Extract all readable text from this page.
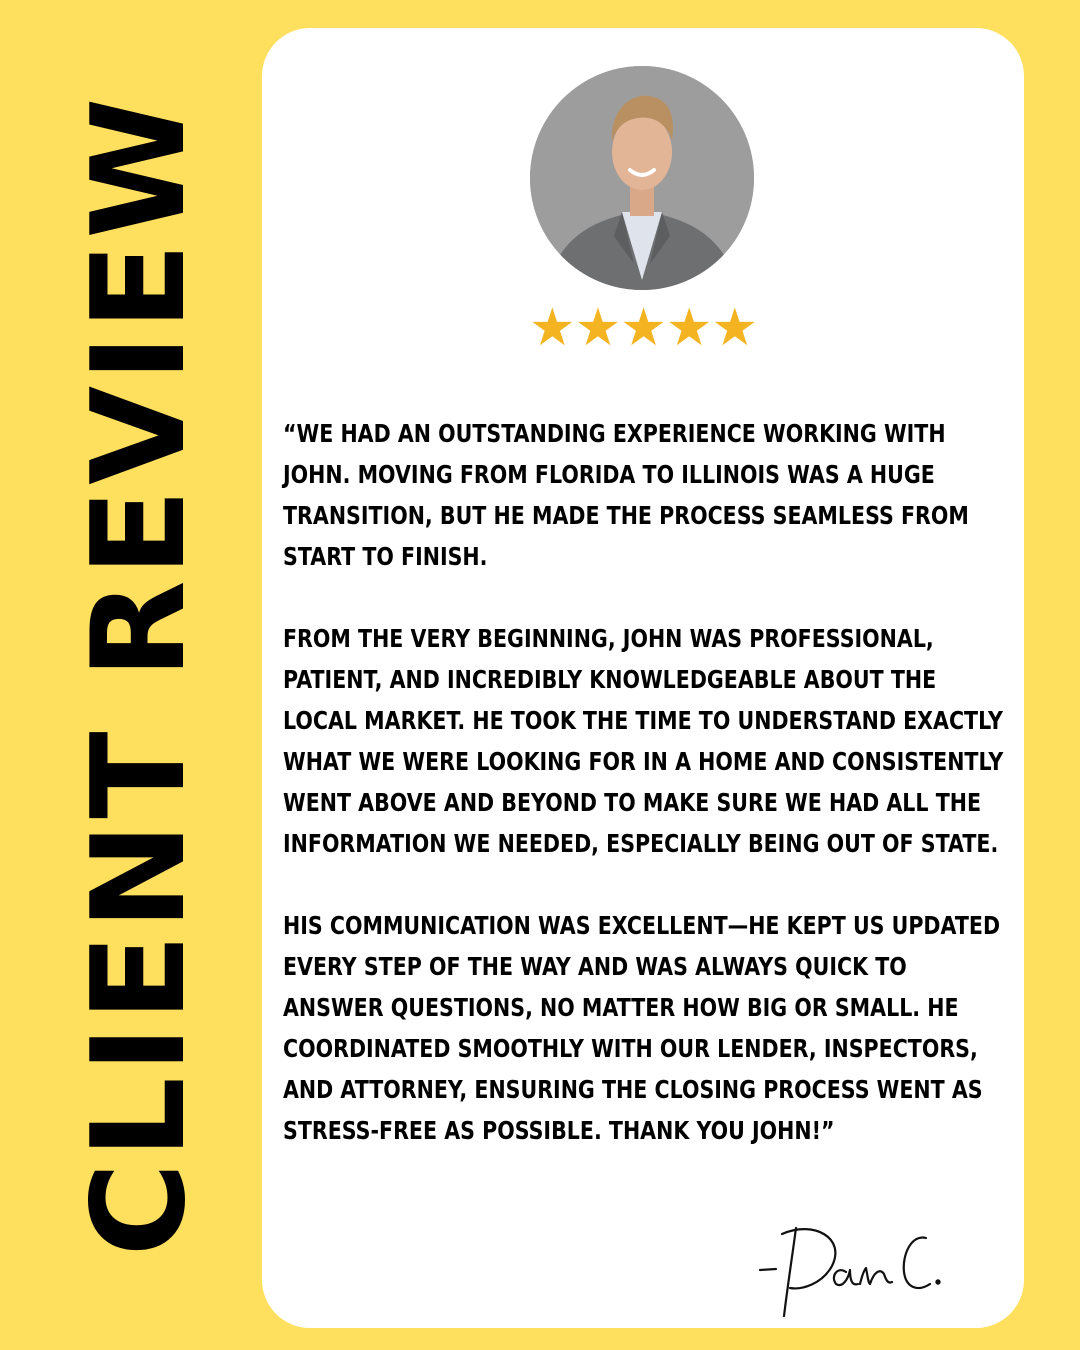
CLIENT REVIEW	★★★★★

“WE HAD AN OUTSTANDING EXPERIENCE WORKING WITH JOHN. MOVING FROM FLORIDA TO ILLINOIS WAS A HUGE TRANSITION, BUT HE MADE THE PROCESS SEAMLESS FROM START TO FINISH.

FROM THE VERY BEGINNING, JOHN WAS PROFESSIONAL, PATIENT, AND INCREDIBLY KNOWLEDGEABLE ABOUT THE LOCAL MARKET. HE TOOK THE TIME TO UNDERSTAND EXACTLY WHAT WE WERE LOOKING FOR IN A HOME AND CONSISTENTLY WENT ABOVE AND BEYOND TO MAKE SURE WE HAD ALL THE INFORMATION WE NEEDED, ESPECIALLY BEING OUT OF STATE.

HIS COMMUNICATION WAS EXCELLENT—HE KEPT US UPDATED EVERY STEP OF THE WAY AND WAS ALWAYS QUICK TO ANSWER QUESTIONS, NO MATTER HOW BIG OR SMALL. HE COORDINATED SMOOTHLY WITH OUR LENDER, INSPECTORS, AND ATTORNEY, ENSURING THE CLOSING PROCESS WENT AS STRESS-FREE AS POSSIBLE. THANK YOU JOHN!”
